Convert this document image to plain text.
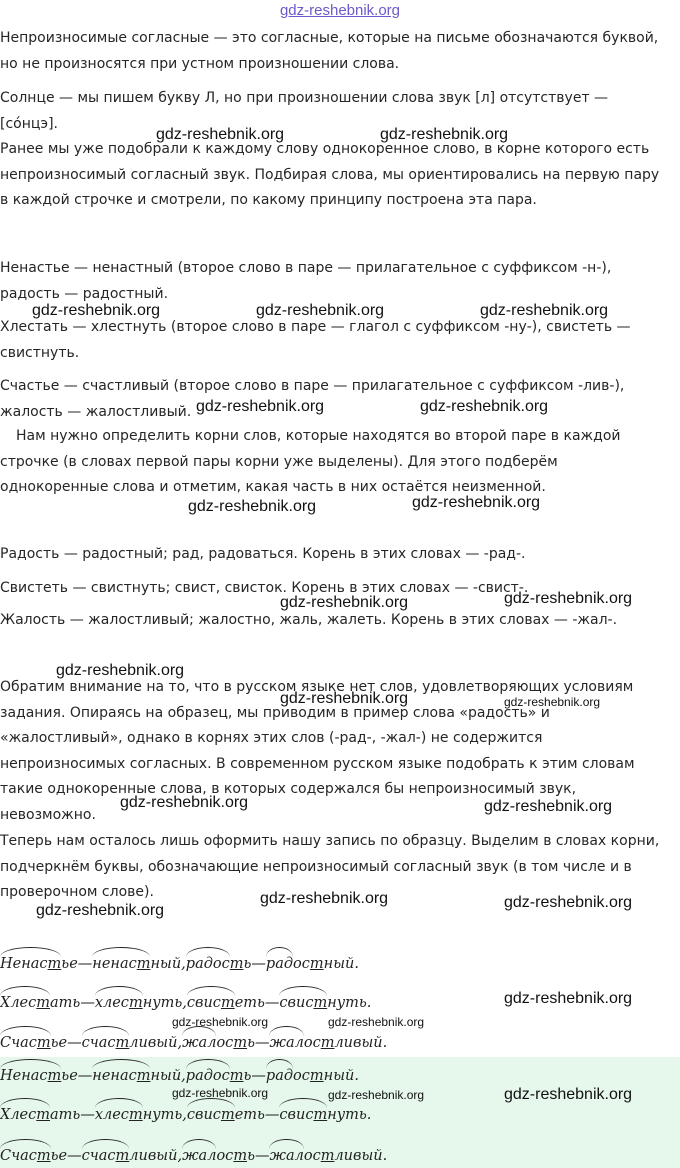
gdz-reshebnik.org
Непроизносимые согласные — это согласные, которые на письме обозначаются буквой, но не произносятся при устном произношении слова.
Солнце — мы пишем букву Л, но при произношении слова звук [л] отсутствует — [со́нцэ].
Ранее мы уже подобрали к каждому слову однокоренное слово, в корне которого есть непроизносимый согласный звук. Подбирая слова, мы ориентировались на первую пару в каждой строчке и смотрели, по какому принципу построена эта пара.
Ненастье — ненастный (второе слово в паре — прилагательное с суффиксом -н-), радость — радостный.
Хлестать — хлестнуть (второе слово в паре — глагол с суффиксом -ну-), свистеть — свистнуть.
Счастье — счастливый (второе слово в паре — прилагательное с суффиксом -лив-), жалость — жалостливый.
Нам нужно определить корни слов, которые находятся во второй паре в каждой строчке (в словах первой пары корни уже выделены). Для этого подберём однокоренные слова и отметим, какая часть в них остаётся неизменной.
Радость — радостный; рад, радоваться. Корень в этих словах — -рад-.
Свистеть — свистнуть; свист, свисток. Корень в этих словах — -свист-.
Жалость — жалостливый; жалостно, жаль, жалеть. Корень в этих словах — -жал-.
Обратим внимание на то, что в русском языке нет слов, удовлетворяющих условиям задания. Опираясь на образец, мы приводим в пример слова «радость» и «жалостливый», однако в корнях этих слов (-рад-, -жал-) не содержится непроизносимых согласных. В современном русском языке подобрать к этим словам такие однокоренные слова, в которых содержался бы непроизносимый звук, невозможно.
Теперь нам осталось лишь оформить нашу запись по образцу. Выделим в словах корни, подчеркнём буквы, обозначающие непроизносимый согласный звук (в том числе и в проверочном слове).
Ненастье—ненастный,радость—радостный.
Хлестать—хлестнуть,свистеть—свистнуть.
Счастье—счастливый,жалость—жалостливый.
Ненастье—ненастный,радость—радостный.
Хлестать—хлестнуть,свистеть—свистнуть.
Счастье—счастливый,жалость—жалостливый.
gdz-reshebnik.org	gdz-reshebnik.org
gdz-reshebnik.org	gdz-reshebnik.org	gdz-reshebnik.org
gdz-reshebnik.org	gdz-reshebnik.org
gdz-reshebnik.org	gdz-reshebnik.org
gdz-reshebnik.org	gdz-reshebnik.org
gdz-reshebnik.org
gdz-reshebnik.org	gdz-reshebnik.org
gdz-reshebnik.org	gdz-reshebnik.org
gdz-reshebnik.org
gdz-reshebnik.org	gdz-reshebnik.org
gdz-reshebnik.org
gdz-reshebnik.org	gdz-reshebnik.org
gdz-reshebnik.org	gdz-reshebnik.org	gdz-reshebnik.org
